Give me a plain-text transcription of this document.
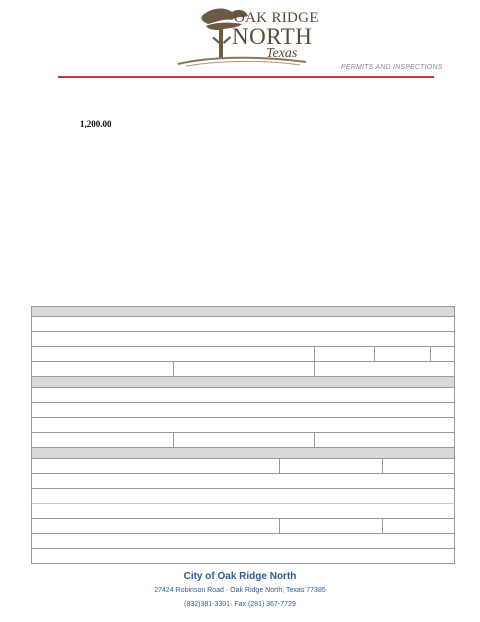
OAK RIDGE
NORTH
Texas
PERMITS AND INSPECTIONS
1,200.00
City of Oak Ridge North
27424 Robinson Road · Oak Ridge North, Texas 77385
(832)381-3301· Fax (281) 367-7729
